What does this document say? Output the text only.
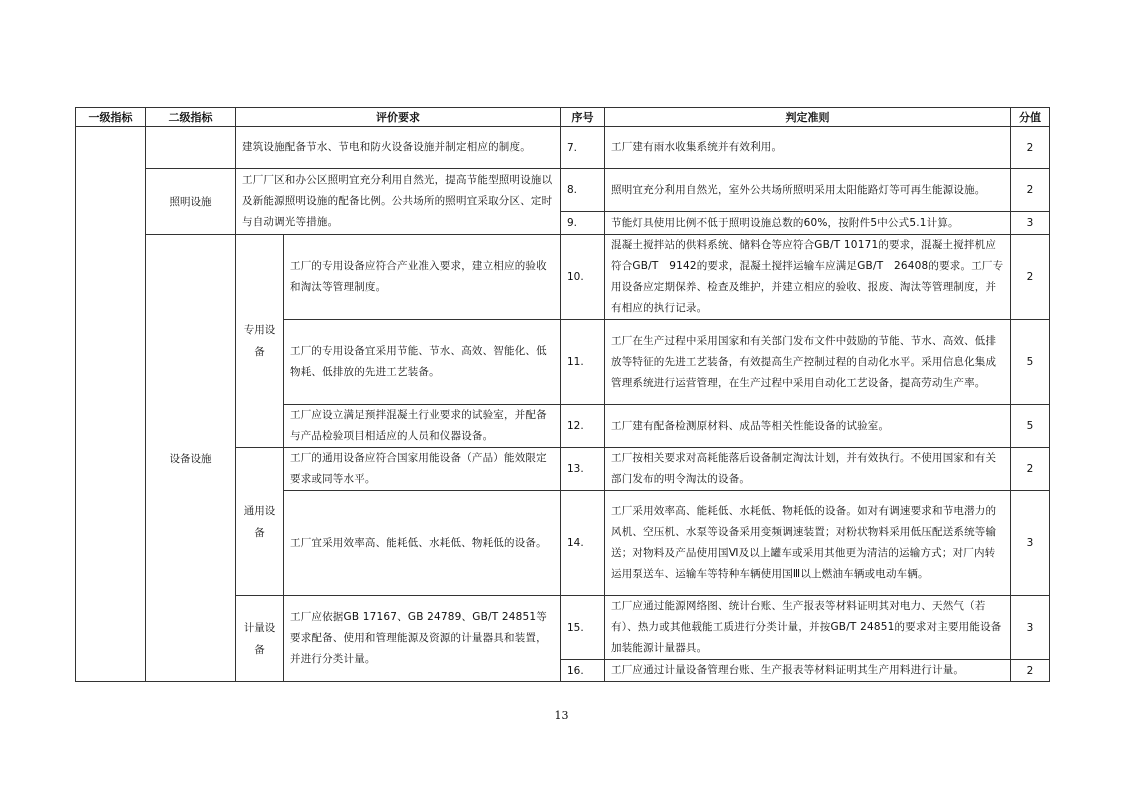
一级指标	二级指标	评价要求		序号	判定准则	分值
		建筑设施配备节水、节电和防火设备设施并制定相应的制度。		7.	工厂建有雨水收集系统并有效利用。	2
	照明设施	工厂厂区和办公区照明宜充分利用自然光，提高节能型照明设施以及新能源照明设施的配备比例。公共场所的照明宜采取分区、定时与自动调光等措施。		8.	照明宜充分利用自然光，室外公共场所照明采用太阳能路灯等可再生能源设施。	2
				9.	节能灯具使用比例不低于照明设施总数的60%，按附件5中公式5.1计算。	3
	设备设施	专用设备	工厂的专用设备应符合产业准入要求，建立相应的验收和淘汰等管理制度。	10.	混凝土搅拌站的供料系统、储料仓等应符合GB/T 10171的要求，混凝土搅拌机应符合GB/T　9142的要求，混凝土搅拌运输车应满足GB/T　26408的要求。工厂专用设备应定期保养、检查及维护，并建立相应的验收、报废、淘汰等管理制度，并有相应的执行记录。	2
			工厂的专用设备宜采用节能、节水、高效、智能化、低物耗、低排放的先进工艺装备。	11.	工厂在生产过程中采用国家和有关部门发布文件中鼓励的节能、节水、高效、低排放等特征的先进工艺装备，有效提高生产控制过程的自动化水平。采用信息化集成管理系统进行运营管理，在生产过程中采用自动化工艺设备，提高劳动生产率。	5
			工厂应设立满足预拌混凝土行业要求的试验室，并配备与产品检验项目相适应的人员和仪器设备。	12.	工厂建有配备检测原材料、成品等相关性能设备的试验室。	5
		通用设备	工厂的通用设备应符合国家用能设备（产品）能效限定要求或同等水平。	13.	工厂按相关要求对高耗能落后设备制定淘汰计划，并有效执行。不使用国家和有关部门发布的明令淘汰的设备。	2
			工厂宜采用效率高、能耗低、水耗低、物耗低的设备。	14.	工厂采用效率高、能耗低、水耗低、物耗低的设备。如对有调速要求和节电潜力的风机、空压机、水泵等设备采用变频调速装置；对粉状物料采用低压配送系统等输送；对物料及产品使用国Ⅵ及以上罐车或采用其他更为清洁的运输方式；对厂内转运用泵送车、运输车等特种车辆使用国Ⅲ以上燃油车辆或电动车辆。	3
		计量设备	工厂应依据GB 17167、GB 24789、GB/T 24851等要求配备、使用和管理能源及资源的计量器具和装置，并进行分类计量。	15.	工厂应通过能源网络图、统计台账、生产报表等材料证明其对电力、天然气（若有）、热力或其他载能工质进行分类计量，并按GB/T 24851的要求对主要用能设备加装能源计量器具。	3
				16.	工厂应通过计量设备管理台账、生产报表等材料证明其生产用料进行计量。	2
13
